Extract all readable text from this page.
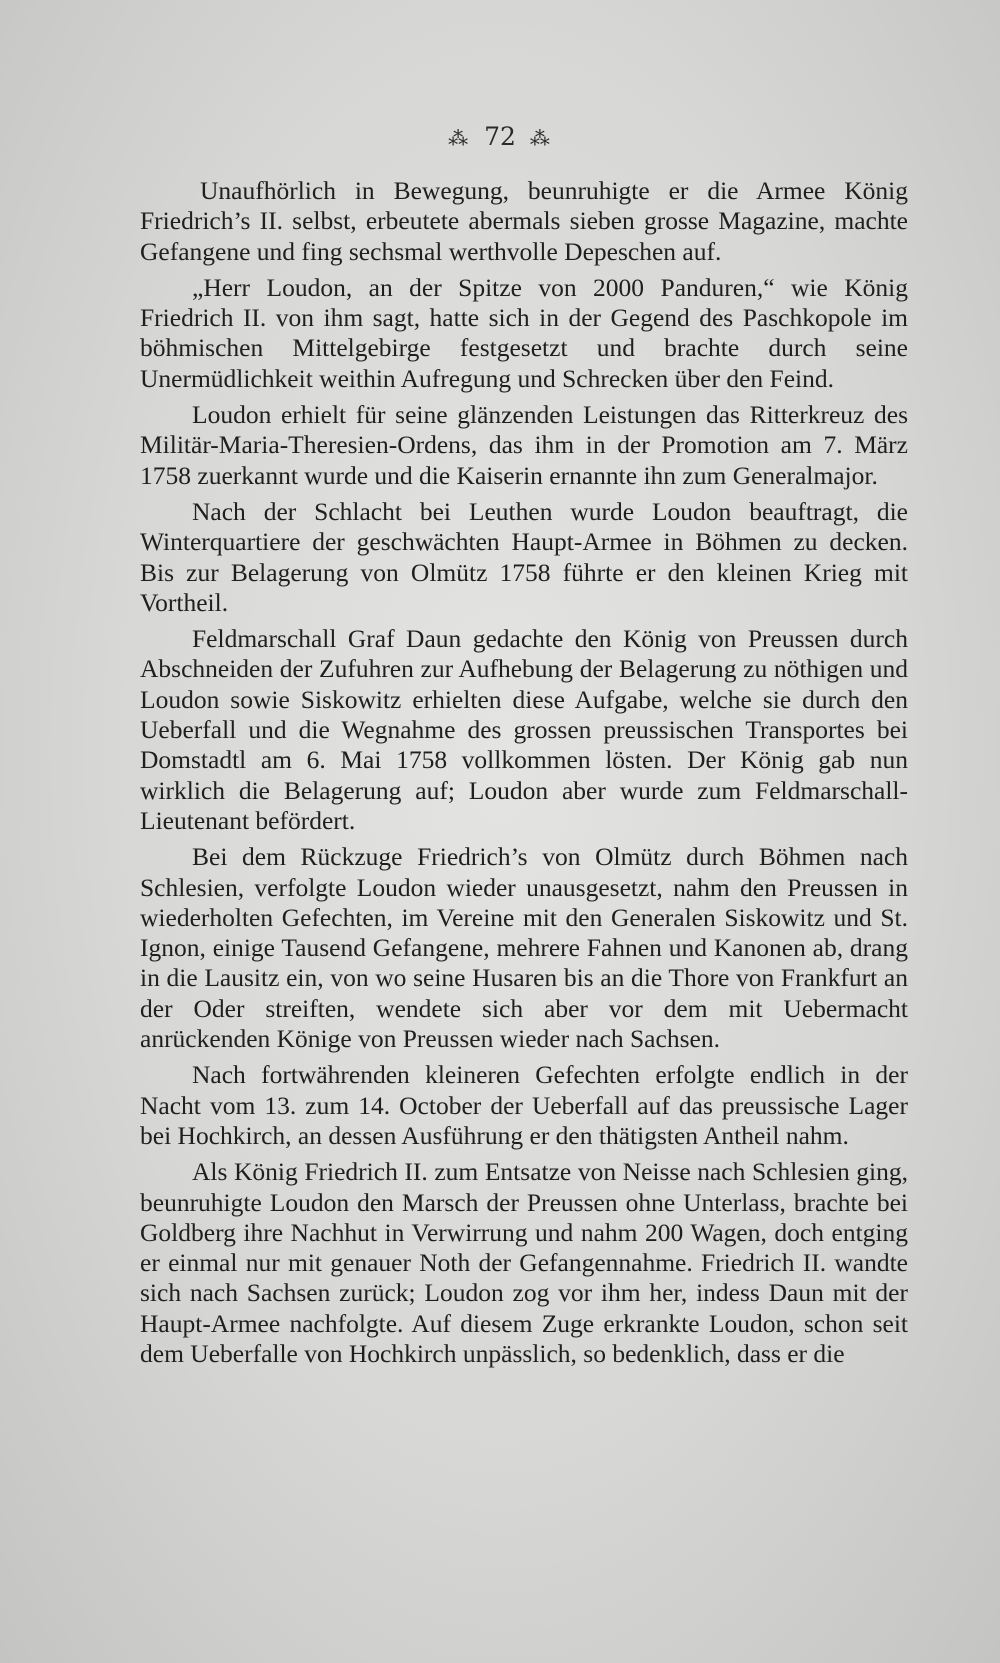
⁂ 72 ⁂

Unaufhörlich in Bewegung, beunruhigte er die Armee König Friedrich’s II. selbst, erbeutete abermals sieben grosse Magazine, machte Gefangene und fing sechsmal werthvolle Depeschen auf.

„Herr Loudon, an der Spitze von 2000 Panduren,“ wie König Friedrich II. von ihm sagt, hatte sich in der Gegend des Paschkopole im böhmischen Mittelgebirge festgesetzt und brachte durch seine Unermüdlichkeit weithin Aufregung und Schrecken über den Feind.

Loudon erhielt für seine glänzenden Leistungen das Ritterkreuz des Militär-Maria-Theresien-Ordens, das ihm in der Promotion am 7. März 1758 zuerkannt wurde und die Kaiserin ernannte ihn zum Generalmajor.

Nach der Schlacht bei Leuthen wurde Loudon beauftragt, die Winterquartiere der geschwächten Haupt-Armee in Böhmen zu decken. Bis zur Belagerung von Olmütz 1758 führte er den kleinen Krieg mit Vortheil.

Feldmarschall Graf Daun gedachte den König von Preussen durch Abschneiden der Zufuhren zur Aufhebung der Belagerung zu nöthigen und Loudon sowie Siskowitz erhielten diese Aufgabe, welche sie durch den Ueberfall und die Wegnahme des grossen preussischen Transportes bei Domstadtl am 6. Mai 1758 vollkommen lösten. Der König gab nun wirklich die Belagerung auf; Loudon aber wurde zum Feldmarschall-Lieutenant befördert.

Bei dem Rückzuge Friedrich’s von Olmütz durch Böhmen nach Schlesien, verfolgte Loudon wieder unausgesetzt, nahm den Preussen in wiederholten Gefechten, im Vereine mit den Generalen Siskowitz und St. Ignon, einige Tausend Gefangene, mehrere Fahnen und Kanonen ab, drang in die Lausitz ein, von wo seine Husaren bis an die Thore von Frankfurt an der Oder streiften, wendete sich aber vor dem mit Uebermacht anrückenden Könige von Preussen wieder nach Sachsen.

Nach fortwährenden kleineren Gefechten erfolgte endlich in der Nacht vom 13. zum 14. October der Ueberfall auf das preussische Lager bei Hochkirch, an dessen Ausführung er den thätigsten Antheil nahm.

Als König Friedrich II. zum Entsatze von Neisse nach Schlesien ging, beunruhigte Loudon den Marsch der Preussen ohne Unterlass, brachte bei Goldberg ihre Nachhut in Verwirrung und nahm 200 Wagen, doch entging er einmal nur mit genauer Noth der Gefangennahme. Friedrich II. wandte sich nach Sachsen zurück; Loudon zog vor ihm her, indess Daun mit der Haupt-Armee nachfolgte. Auf diesem Zuge erkrankte Loudon, schon seit dem Ueberfalle von Hochkirch unpässlich, so bedenklich, dass er die
